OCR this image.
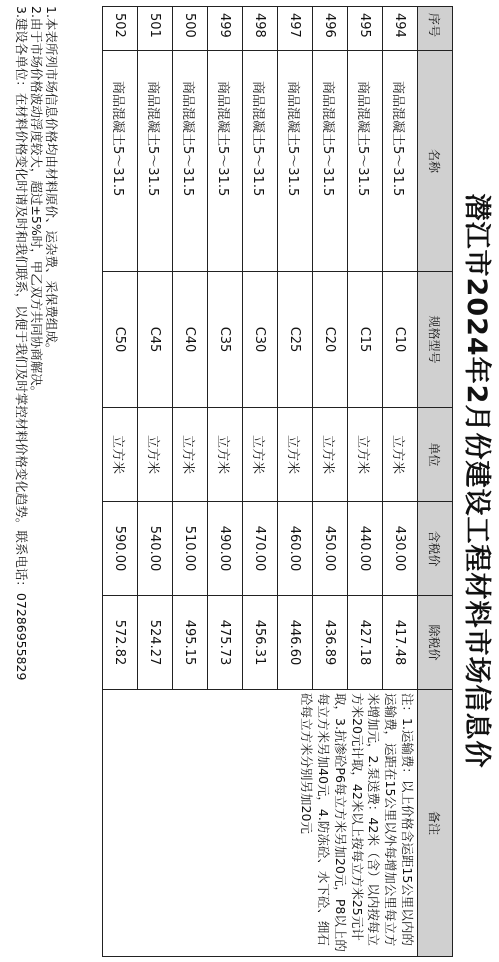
潜江市2024年2月份建设工程材料市场信息价
序号	名称	规格型号	单位	含税价	除税价	备注
494	商品混凝土5～31.5	C10	立方米	430.00	417.48	注：1.运输费：以上价格含运距15公里以内的运输费，运距在15公里以外每增加公里每立方米增加元，2.泵送费：42米（含）以内按每立方米20元计取，42米以上按每立方米25元计取，3.抗渗砼P6每立方米另加20元，P8以上的每立方米另加40元，4.防冻砼、水下砼、细石砼每立方米分别另加20元
495	商品混凝土5～31.5	C15	立方米	440.00	427.18	
496	商品混凝土5～31.5	C20	立方米	450.00	436.89	
497	商品混凝土5～31.5	C25	立方米	460.00	446.60	
498	商品混凝土5～31.5	C30	立方米	470.00	456.31	
499	商品混凝土5～31.5	C35	立方米	490.00	475.73	
500	商品混凝土5～31.5	C40	立方米	510.00	495.15	
501	商品混凝土5～31.5	C45	立方米	540.00	524.27	
502	商品混凝土5～31.5	C50	立方米	590.00	572.82	
1.本表所列市场信息价格均由材料原价、运杂费、采保费组成。
2.由于市场价格波动浮度较大，超过±5%时，甲乙双方共同协商解决。
3.建设各单位：在材料价格变化时请及时和我们联系，以便于我们及时掌控材料价格变化趋势。联系电话：07286955829
